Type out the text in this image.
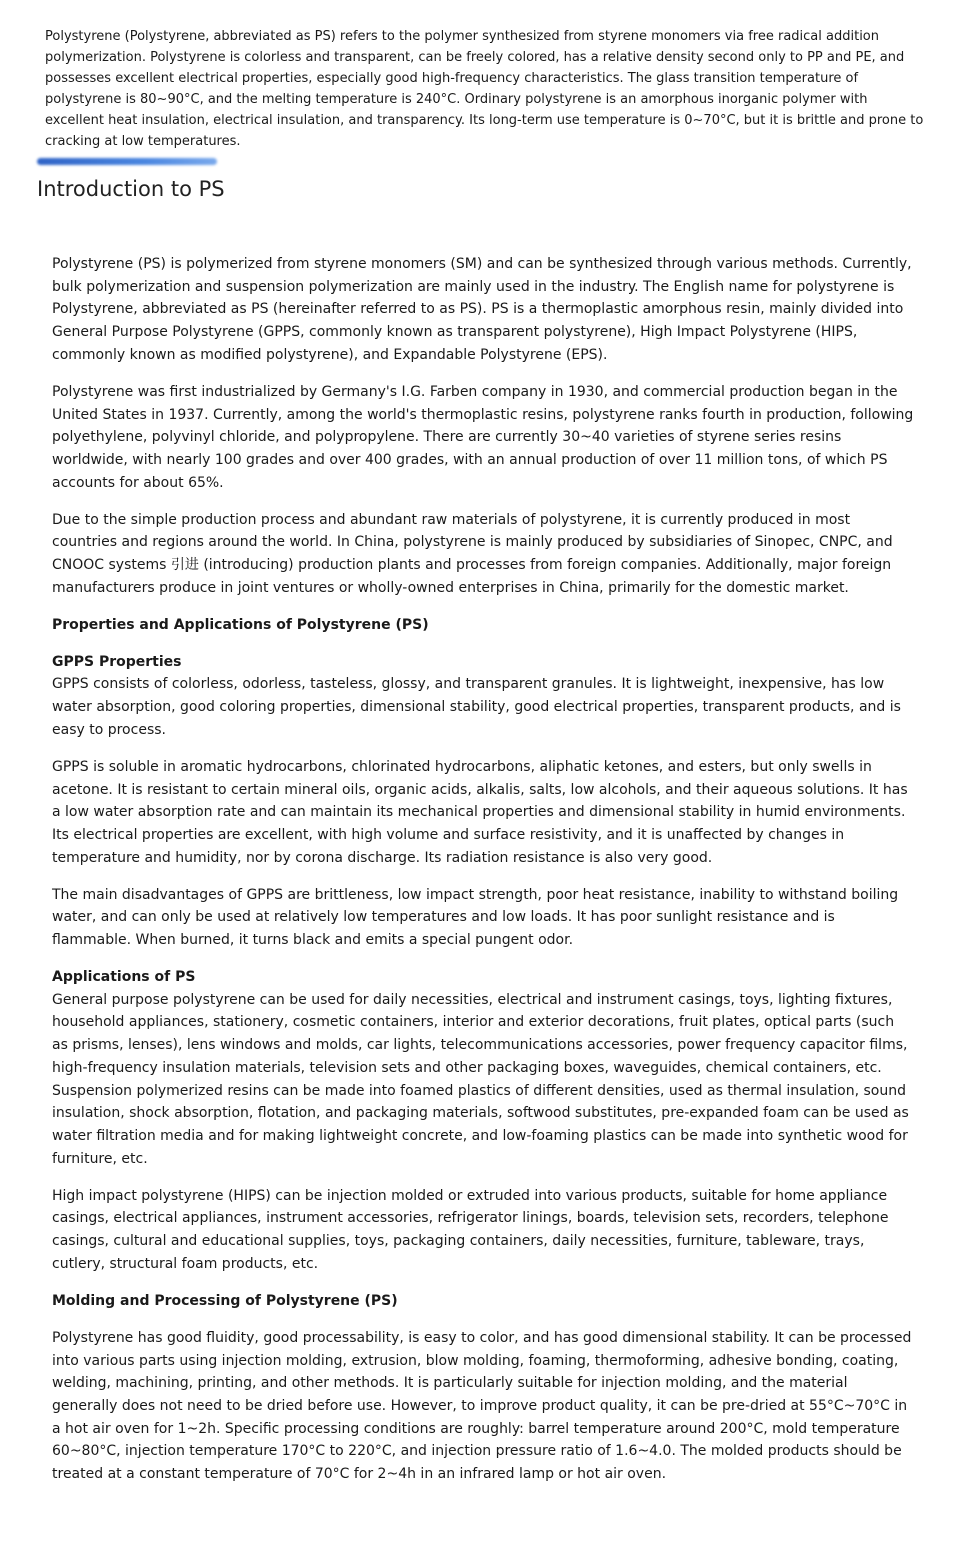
Polystyrene (Polystyrene, abbreviated as PS) refers to the polymer synthesized from styrene monomers via free radical addition polymerization. Polystyrene is colorless and transparent, can be freely colored, has a relative density second only to PP and PE, and possesses excellent electrical properties, especially good high-frequency characteristics. The glass transition temperature of polystyrene is 80~90°C, and the melting temperature is 240°C. Ordinary polystyrene is an amorphous inorganic polymer with excellent heat insulation, electrical insulation, and transparency. Its long-term use temperature is 0~70°C, but it is brittle and prone to cracking at low temperatures.

Introduction to PS

Polystyrene (PS) is polymerized from styrene monomers (SM) and can be synthesized through various methods. Currently, bulk polymerization and suspension polymerization are mainly used in the industry. The English name for polystyrene is Polystyrene, abbreviated as PS (hereinafter referred to as PS). PS is a thermoplastic amorphous resin, mainly divided into General Purpose Polystyrene (GPPS, commonly known as transparent polystyrene), High Impact Polystyrene (HIPS, commonly known as modified polystyrene), and Expandable Polystyrene (EPS).

Polystyrene was first industrialized by Germany's I.G. Farben company in 1930, and commercial production began in the United States in 1937. Currently, among the world's thermoplastic resins, polystyrene ranks fourth in production, following polyethylene, polyvinyl chloride, and polypropylene. There are currently 30~40 varieties of styrene series resins worldwide, with nearly 100 grades and over 400 grades, with an annual production of over 11 million tons, of which PS accounts for about 65%.

Due to the simple production process and abundant raw materials of polystyrene, it is currently produced in most countries and regions around the world. In China, polystyrene is mainly produced by subsidiaries of Sinopec, CNPC, and CNOOC systems 引进 (introducing) production plants and processes from foreign companies. Additionally, major foreign manufacturers produce in joint ventures or wholly-owned enterprises in China, primarily for the domestic market.

Properties and Applications of Polystyrene (PS)

GPPS Properties
GPPS consists of colorless, odorless, tasteless, glossy, and transparent granules. It is lightweight, inexpensive, has low water absorption, good coloring properties, dimensional stability, good electrical properties, transparent products, and is easy to process.

GPPS is soluble in aromatic hydrocarbons, chlorinated hydrocarbons, aliphatic ketones, and esters, but only swells in acetone. It is resistant to certain mineral oils, organic acids, alkalis, salts, low alcohols, and their aqueous solutions. It has a low water absorption rate and can maintain its mechanical properties and dimensional stability in humid environments. Its electrical properties are excellent, with high volume and surface resistivity, and it is unaffected by changes in temperature and humidity, nor by corona discharge. Its radiation resistance is also very good.

The main disadvantages of GPPS are brittleness, low impact strength, poor heat resistance, inability to withstand boiling water, and can only be used at relatively low temperatures and low loads. It has poor sunlight resistance and is flammable. When burned, it turns black and emits a special pungent odor.

Applications of PS
General purpose polystyrene can be used for daily necessities, electrical and instrument casings, toys, lighting fixtures, household appliances, stationery, cosmetic containers, interior and exterior decorations, fruit plates, optical parts (such as prisms, lenses), lens windows and molds, car lights, telecommunications accessories, power frequency capacitor films, high-frequency insulation materials, television sets and other packaging boxes, waveguides, chemical containers, etc. Suspension polymerized resins can be made into foamed plastics of different densities, used as thermal insulation, sound insulation, shock absorption, flotation, and packaging materials, softwood substitutes, pre-expanded foam can be used as water filtration media and for making lightweight concrete, and low-foaming plastics can be made into synthetic wood for furniture, etc.

High impact polystyrene (HIPS) can be injection molded or extruded into various products, suitable for home appliance casings, electrical appliances, instrument accessories, refrigerator linings, boards, television sets, recorders, telephone casings, cultural and educational supplies, toys, packaging containers, daily necessities, furniture, tableware, trays, cutlery, structural foam products, etc.

Molding and Processing of Polystyrene (PS)

Polystyrene has good fluidity, good processability, is easy to color, and has good dimensional stability. It can be processed into various parts using injection molding, extrusion, blow molding, foaming, thermoforming, adhesive bonding, coating, welding, machining, printing, and other methods. It is particularly suitable for injection molding, and the material generally does not need to be dried before use. However, to improve product quality, it can be pre-dried at 55°C~70°C in a hot air oven for 1~2h. Specific processing conditions are roughly: barrel temperature around 200°C, mold temperature 60~80°C, injection temperature 170°C to 220°C, and injection pressure ratio of 1.6~4.0. The molded products should be treated at a constant temperature of 70°C for 2~4h in an infrared lamp or hot air oven.
